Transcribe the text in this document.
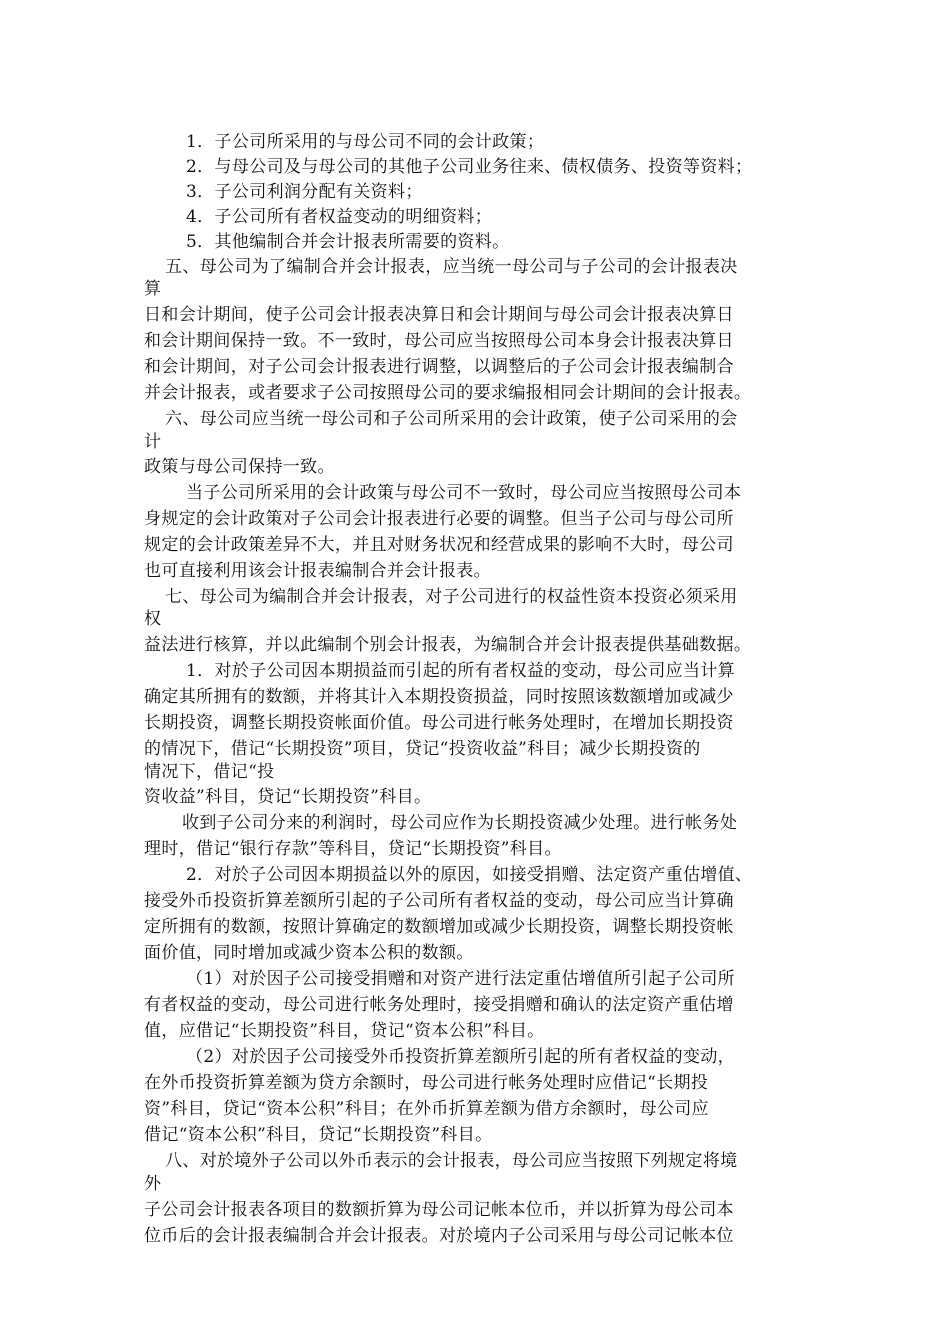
1．子公司所采用的与母公司不同的会计政策；
2．与母公司及与母公司的其他子公司业务往来、债权债务、投资等资料；
3．子公司利润分配有关资料；
4．子公司所有者权益变动的明细资料；
5．其他编制合并会计报表所需要的资料。
五、母公司为了编制合并会计报表，应当统一母公司与子公司的会计报表决
算
日和会计期间，使子公司会计报表决算日和会计期间与母公司会计报表决算日
和会计期间保持一致。不一致时，母公司应当按照母公司本身会计报表决算日
和会计期间，对子公司会计报表进行调整，以调整后的子公司会计报表编制合
并会计报表，或者要求子公司按照母公司的要求编报相同会计期间的会计报表。
六、母公司应当统一母公司和子公司所采用的会计政策，使子公司采用的会
计
政策与母公司保持一致。
当子公司所采用的会计政策与母公司不一致时，母公司应当按照母公司本
身规定的会计政策对子公司会计报表进行必要的调整。但当子公司与母公司所
规定的会计政策差异不大，并且对财务状况和经营成果的影响不大时，母公司
也可直接利用该会计报表编制合并会计报表。
七、母公司为编制合并会计报表，对子公司进行的权益性资本投资必须采用
权
益法进行核算，并以此编制个别会计报表，为编制合并会计报表提供基础数据。
1．对於子公司因本期损益而引起的所有者权益的变动，母公司应当计算
确定其所拥有的数额，并将其计入本期投资损益，同时按照该数额增加或减少
长期投资，调整长期投资帐面价值。母公司进行帐务处理时，在增加长期投资
的情况下，借记“长期投资”项目，贷记“投资收益”科目；减少长期投资的
情况下，借记“投
资收益”科目，贷记“长期投资”科目。
收到子公司分来的利润时，母公司应作为长期投资减少处理。进行帐务处
理时，借记“银行存款”等科目，贷记“长期投资”科目。
2．对於子公司因本期损益以外的原因，如接受捐赠、法定资产重估增值、
接受外币投资折算差额所引起的子公司所有者权益的变动，母公司应当计算确
定所拥有的数额，按照计算确定的数额增加或减少长期投资，调整长期投资帐
面价值，同时增加或减少资本公积的数额。
（1）对於因子公司接受捐赠和对资产进行法定重估增值所引起子公司所
有者权益的变动，母公司进行帐务处理时，接受捐赠和确认的法定资产重估增
值，应借记“长期投资”科目，贷记“资本公积”科目。
（2）对於因子公司接受外币投资折算差额所引起的所有者权益的变动，
在外币投资折算差额为贷方余额时，母公司进行帐务处理时应借记“长期投
资”科目，贷记“资本公积”科目；在外币折算差额为借方余额时，母公司应
借记“资本公积”科目，贷记“长期投资”科目。
八、对於境外子公司以外币表示的会计报表，母公司应当按照下列规定将境
外
子公司会计报表各项目的数额折算为母公司记帐本位币，并以折算为母公司本
位币后的会计报表编制合并会计报表。对於境内子公司采用与母公司记帐本位
